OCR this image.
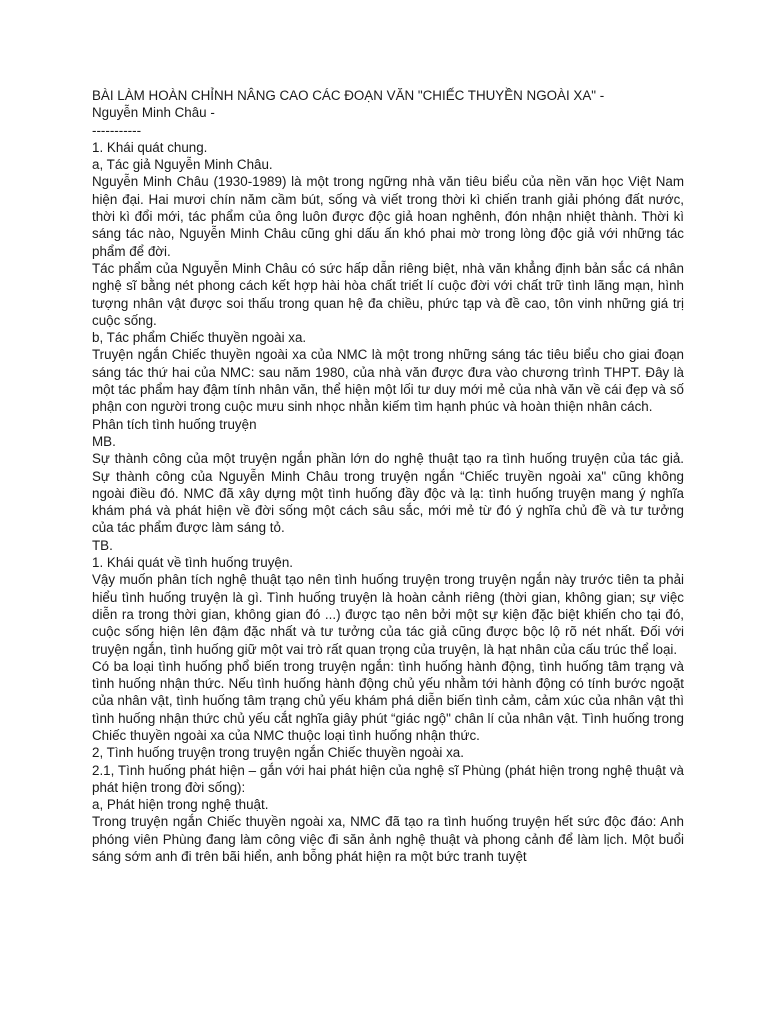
BÀI LÀM HOÀN CHỈNH NÂNG CAO CÁC ĐOẠN VĂN "CHIẾC THUYỀN NGOÀI XA" -
Nguyễn Minh Châu -
-----------
1. Khái quát chung.
a, Tác giả Nguyễn Minh Châu.
Nguyễn Minh Châu (1930-1989) là một trong ngững nhà văn tiêu biểu của nền văn học Việt Nam hiện đại. Hai mươi chín năm cầm bút, sống và viết trong thời kì chiến tranh giải phóng đất nước, thời kì đổi mới, tác phẩm của ông luôn được độc giả hoan nghênh, đón nhận nhiệt thành. Thời kì sáng tác nào, Nguyễn Minh Châu cũng ghi dấu ấn khó phai mờ trong lòng độc giả với những tác phẩm để đời.
Tác phẩm của Nguyễn Minh Châu có sức hấp dẫn riêng biệt, nhà văn khẳng định bản sắc cá nhân nghệ sĩ bằng nét phong cách kết hợp hài hòa chất triết lí cuộc đời với chất trữ tình lãng mạn, hình tượng nhân vật được soi thấu trong quan hệ đa chiều, phức tạp và đề cao, tôn vinh những giá trị cuộc sống.
b, Tác phẩm Chiếc thuyền ngoài xa.
Truyện ngắn Chiếc thuyền ngoài xa của NMC là một trong những sáng tác tiêu biểu cho giai đoạn sáng tác thứ hai của NMC: sau năm 1980, của nhà văn được đưa vào chương trình THPT. Đây là một tác phẩm hay đậm tính nhân văn, thể hiện một lối tư duy mới mẻ của nhà văn về cái đẹp và số phận con người trong cuộc mưu sinh nhọc nhằn kiếm tìm hạnh phúc và hoàn thiện nhân cách.
Phân tích tình huống truyện
MB.
Sự thành công của một truyện ngắn phần lớn do nghệ thuật tạo ra tình huống truyện của tác giả. Sự thành công của Nguyễn Minh Châu trong truyện ngắn “Chiếc truyền ngoài xa" cũng không ngoài điều đó. NMC đã xây dựng một tình huống đầy độc và lạ: tình huống truyện mang ý nghĩa khám phá và phát hiện về đời sống một cách sâu sắc, mới mẻ từ đó ý nghĩa chủ đề và tư tưởng của tác phẩm được làm sáng tỏ.
TB.
1. Khái quát về tình huống truyện.
Vậy muốn phân tích nghệ thuật tạo nên tình huống truyện trong truyện ngắn này trước tiên ta phải hiểu tình huống truyện là gì. Tình huống truyện là hoàn cảnh riêng (thời gian, không gian; sự việc diễn ra trong thời gian, không gian đó ...) được tạo nên bởi một sự kiện đặc biệt khiến cho tại đó, cuộc sống hiện lên đậm đặc nhất và tư tưởng của tác giả cũng được bộc lộ rõ nét nhất. Đối với truyện ngắn, tình huống giữ một vai trò rất quan trọng của truyện, là hạt nhân của cấu trúc thể loại.
Có ba loại tình huống phổ biến trong truyện ngắn: tình huống hành động, tình huống tâm trạng và tình huống nhận thức. Nếu tình huống hành động chủ yếu nhằm tới hành động có tính bước ngoặt của nhân vật, tình huống tâm trạng chủ yếu khám phá diễn biến tình cảm, cảm xúc của nhân vật thì tình huống nhận thức chủ yếu cắt nghĩa giây phút “giác ngộ" chân lí của nhân vật. Tình huống trong Chiếc thuyền ngoài xa của NMC thuộc loại tình huống nhận thức.
2, Tình huống truyện trong truyện ngắn Chiếc thuyền ngoài xa.
2.1, Tình huống phát hiện – gắn với hai phát hiện của nghệ sĩ Phùng (phát hiện trong nghệ thuật và phát hiện trong đời sống):
a, Phát hiện trong nghệ thuật.
Trong truyện ngắn Chiếc thuyền ngoài xa, NMC đã tạo ra tình huống truyện hết sức độc đáo: Anh phóng viên Phùng đang làm công việc đi săn ảnh nghệ thuật và phong cảnh để làm lịch. Một buổi sáng sớm anh đi trên bãi hiển, anh bỗng phát hiện ra một bức tranh tuyệt
